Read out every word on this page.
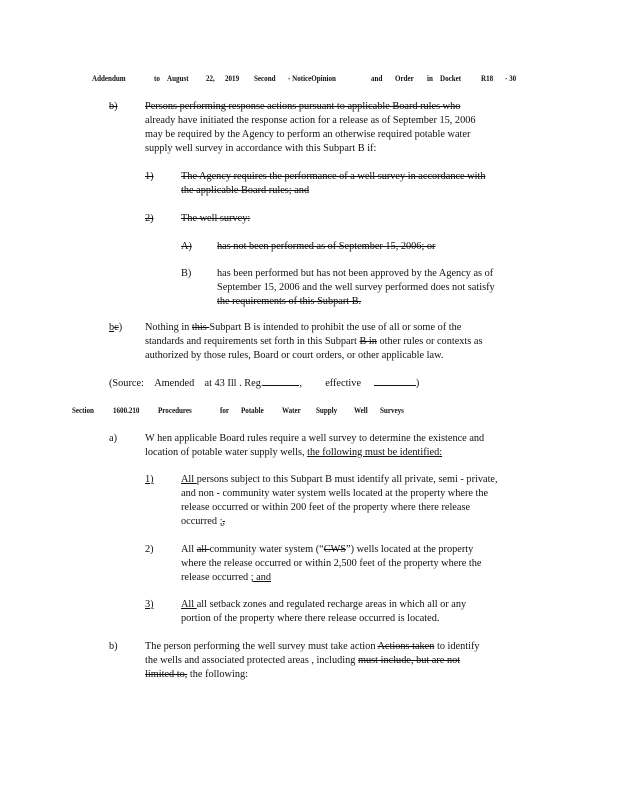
Addendum	to August 22, 2019 Second - NoticeOpinion	and Order in Docket R18 - 30
b)	Persons performing response actions pursuant to applicable Board rules who
already have initiated the response action for a release as of September 15, 2006
may be required by the Agency to perform an otherwise required potable water
supply well survey in accordance with this Subpart B if:
1)	The Agency requires the performance of a well survey in accordance with
the applicable Board rules; and
2)	The well survey:
A) has not been performed as of September 15, 2006; or
B) has been performed but has not been approved by the Agency as of
September 15, 2006 and the well survey performed does not satisfy
the requirements of this Subpart B.
bc) Nothing in this Subpart B is intended to prohibit the use of all or some of the
standards and requirements set forth in this Subpart B in other rules or contexts as
authorized by those rules, Board or court orders, or other applicable law.
(Source: Amended at 43 Ill . Reg.	, effective	)
Section 1600.210 Procedures	for Potable Water Supply Well Surveys
a)	W hen applicable Board rules require a well survey to determine the existence and
location of potable water supply wells, the following must be identified:
1)	All persons subject to this Subpart B must identify all private, semi - private,
and non - community water system wells located at the property where the
release occurred or within 200 feet of the property where there release
occurred ;,
2)	All all community water system (“CWS”) wells located at the property
where the release occurred or within 2,500 feet of the property where the
release occurred ; and
3)	All all setback zones and regulated recharge areas in which all or any
portion of the property where there release occurred is located.
b)	The person performing the well survey must take action Actions taken to identify
the wells and associated protected areas , including must include, but are not
limited to, the following:
